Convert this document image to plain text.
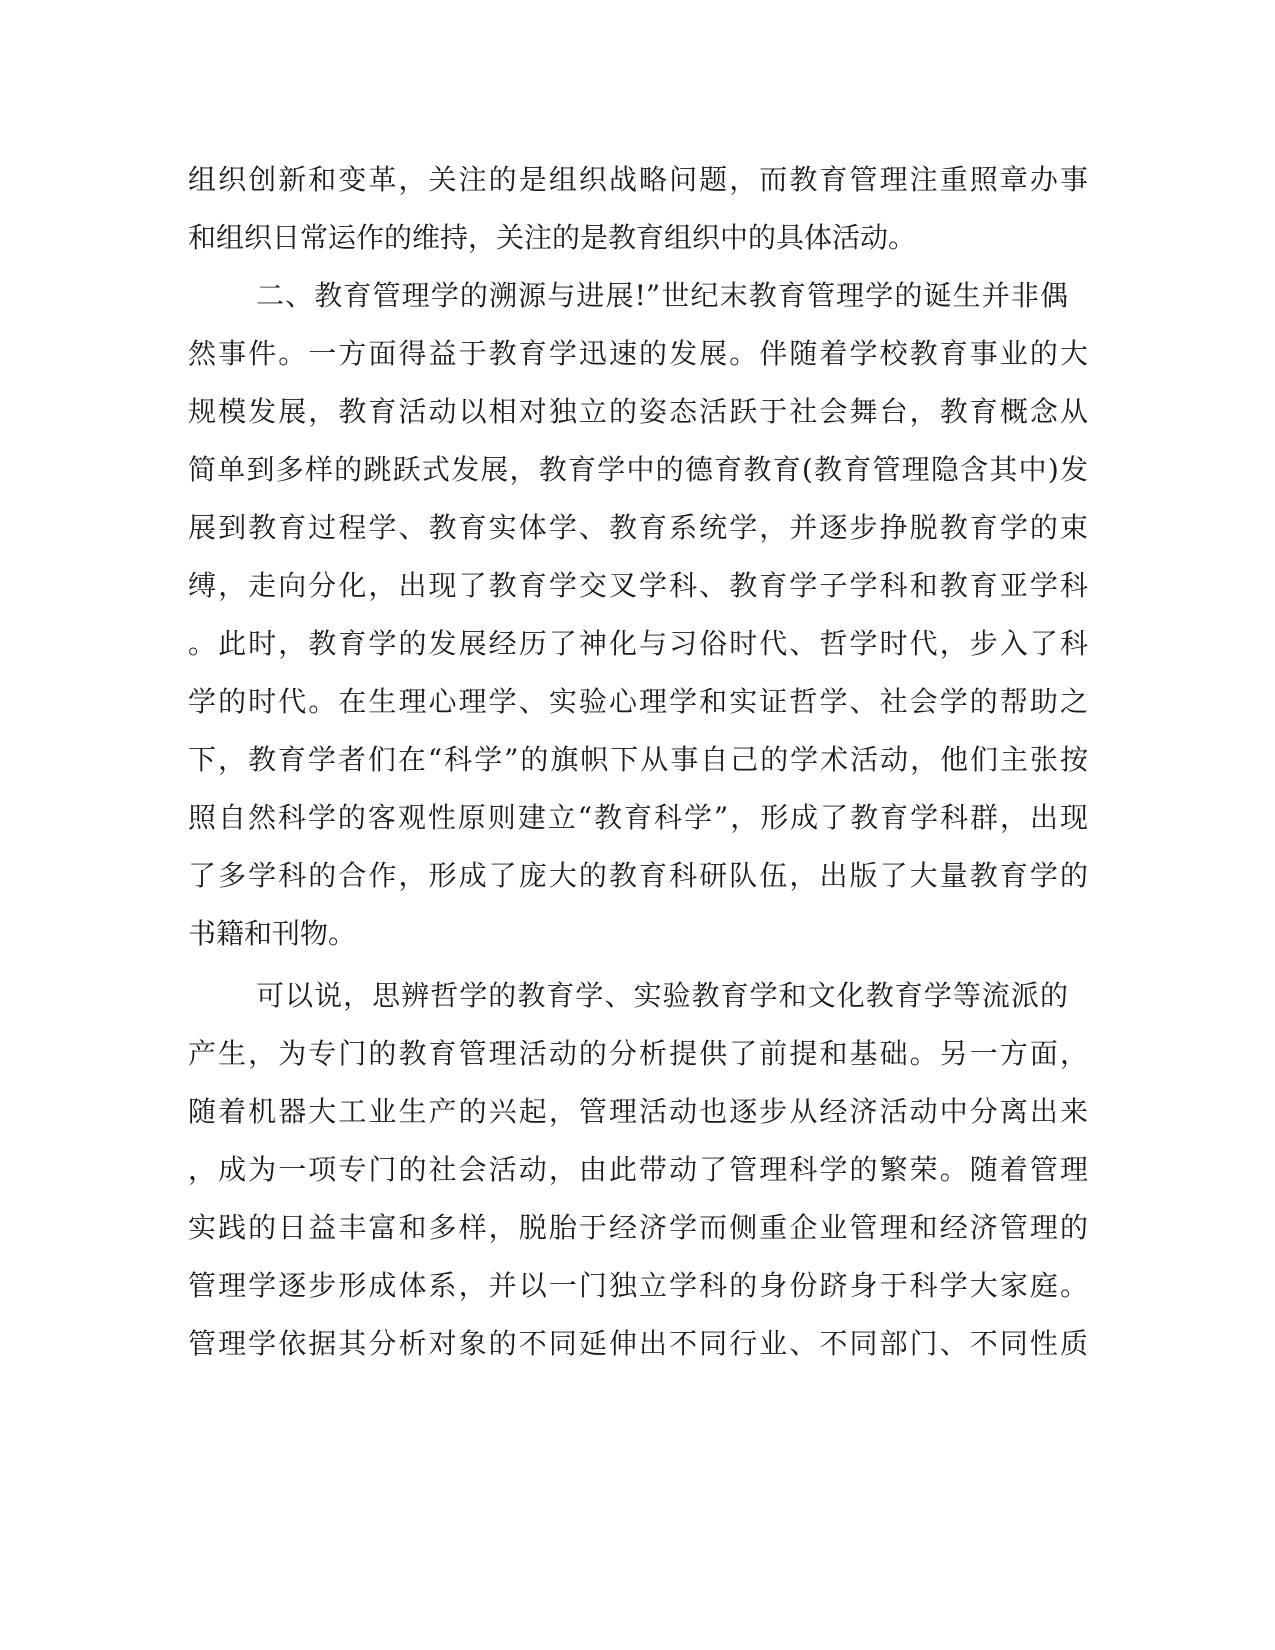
组织创新和变革，关注的是组织战略问题，而教育管理注重照章办事
和组织日常运作的维持，关注的是教育组织中的具体活动。
二、教育管理学的溯源与进展!”世纪末教育管理学的诞生并非偶
然事件。一方面得益于教育学迅速的发展。伴随着学校教育事业的大
规模发展，教育活动以相对独立的姿态活跃于社会舞台，教育概念从
简单到多样的跳跃式发展，教育学中的德育教育(教育管理隐含其中)发
展到教育过程学、教育实体学、教育系统学，并逐步挣脱教育学的束
缚，走向分化，出现了教育学交叉学科、教育学子学科和教育亚学科
。此时，教育学的发展经历了神化与习俗时代、哲学时代，步入了科
学的时代。在生理心理学、实验心理学和实证哲学、社会学的帮助之
下，教育学者们在“科学”的旗帜下从事自己的学术活动，他们主张按
照自然科学的客观性原则建立“教育科学”，形成了教育学科群，出现
了多学科的合作，形成了庞大的教育科研队伍，出版了大量教育学的
书籍和刊物。
可以说，思辨哲学的教育学、实验教育学和文化教育学等流派的
产生，为专门的教育管理活动的分析提供了前提和基础。另一方面，
随着机器大工业生产的兴起，管理活动也逐步从经济活动中分离出来
，成为一项专门的社会活动，由此带动了管理科学的繁荣。随着管理
实践的日益丰富和多样，脱胎于经济学而侧重企业管理和经济管理的
管理学逐步形成体系，并以一门独立学科的身份跻身于科学大家庭。
管理学依据其分析对象的不同延伸出不同行业、不同部门、不同性质
